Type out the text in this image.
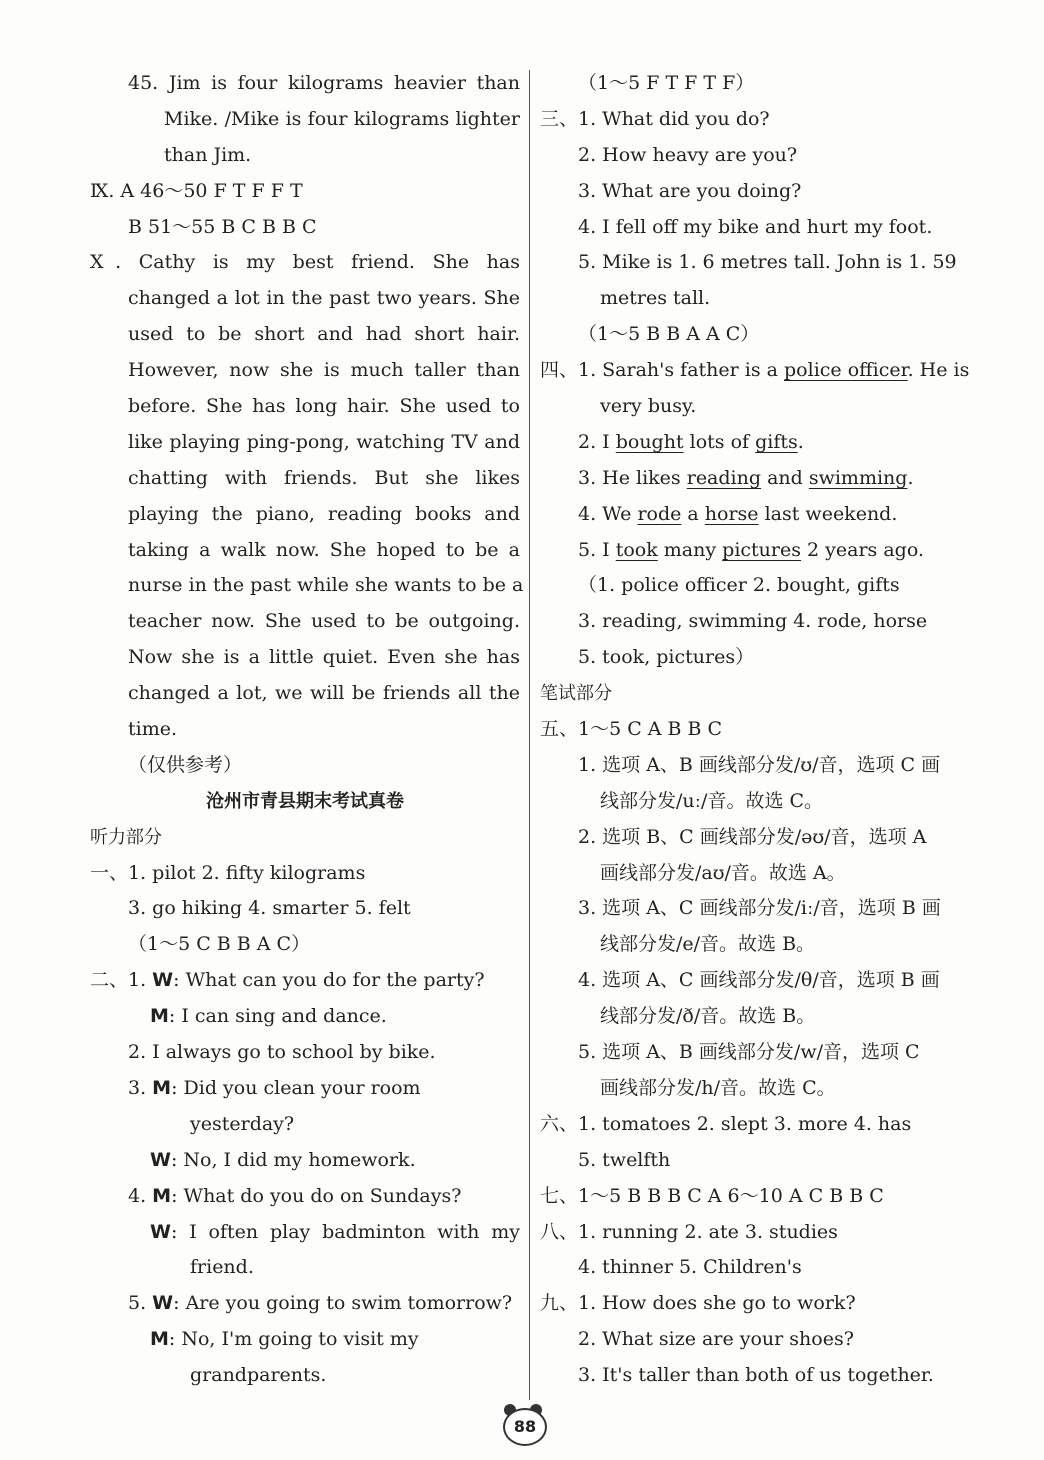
45. Jim is four kilograms heavier than
Mike. /Mike is four kilograms lighter
than Jim.
Ⅸ. A 46～50 F T F F T
B 51～55 B C B B C
Ⅹ. Cathy is my best friend. She has
changed a lot in the past two years. She
used to be short and had short hair.
However, now she is much taller than
before. She has long hair. She used to
like playing ping-pong, watching TV and
chatting with friends. But she likes
playing the piano, reading books and
taking a walk now. She hoped to be a
nurse in the past while she wants to be a
teacher now. She used to be outgoing.
Now she is a little quiet. Even she has
changed a lot, we will be friends all the
time.
（仅供参考）
沧州市青县期末考试真卷
听力部分
一、1. pilot 2. fifty kilograms
3. go hiking 4. smarter 5. felt
（1～5 C B B A C）
二、1. W: What can you do for the party?
M: I can sing and dance.
2. I always go to school by bike.
3. M: Did you clean your room
yesterday?
W: No, I did my homework.
4. M: What do you do on Sundays?
W: I often play badminton with my
friend.
5. W: Are you going to swim tomorrow?
M: No, I'm going to visit my
grandparents.
（1～5 F T F T F）
三、1. What did you do?
2. How heavy are you?
3. What are you doing?
4. I fell off my bike and hurt my foot.
5. Mike is 1. 6 metres tall. John is 1. 59
metres tall.
（1～5 B B A A C）
四、1. Sarah's father is a police officer. He is
very busy.
2. I bought lots of gifts.
3. He likes reading and swimming.
4. We rode a horse last weekend.
5. I took many pictures 2 years ago.
（1. police officer 2. bought, gifts
3. reading, swimming 4. rode, horse
5. took, pictures）
笔试部分
五、1～5 C A B B C
1. 选项 A、B 画线部分发/ʊ/音，选项 C 画
线部分发/uː/音。故选 C。
2. 选项 B、C 画线部分发/əʊ/音，选项 A
画线部分发/aʊ/音。故选 A。
3. 选项 A、C 画线部分发/iː/音，选项 B 画
线部分发/e/音。故选 B。
4. 选项 A、C 画线部分发/θ/音，选项 B 画
线部分发/ð/音。故选 B。
5. 选项 A、B 画线部分发/w/音，选项 C
画线部分发/h/音。故选 C。
六、1. tomatoes 2. slept 3. more 4. has
5. twelfth
七、1～5 B B B C A 6～10 A C B B C
八、1. running 2. ate 3. studies
4. thinner 5. Children's
九、1. How does she go to work?
2. What size are your shoes?
3. It's taller than both of us together.
88
